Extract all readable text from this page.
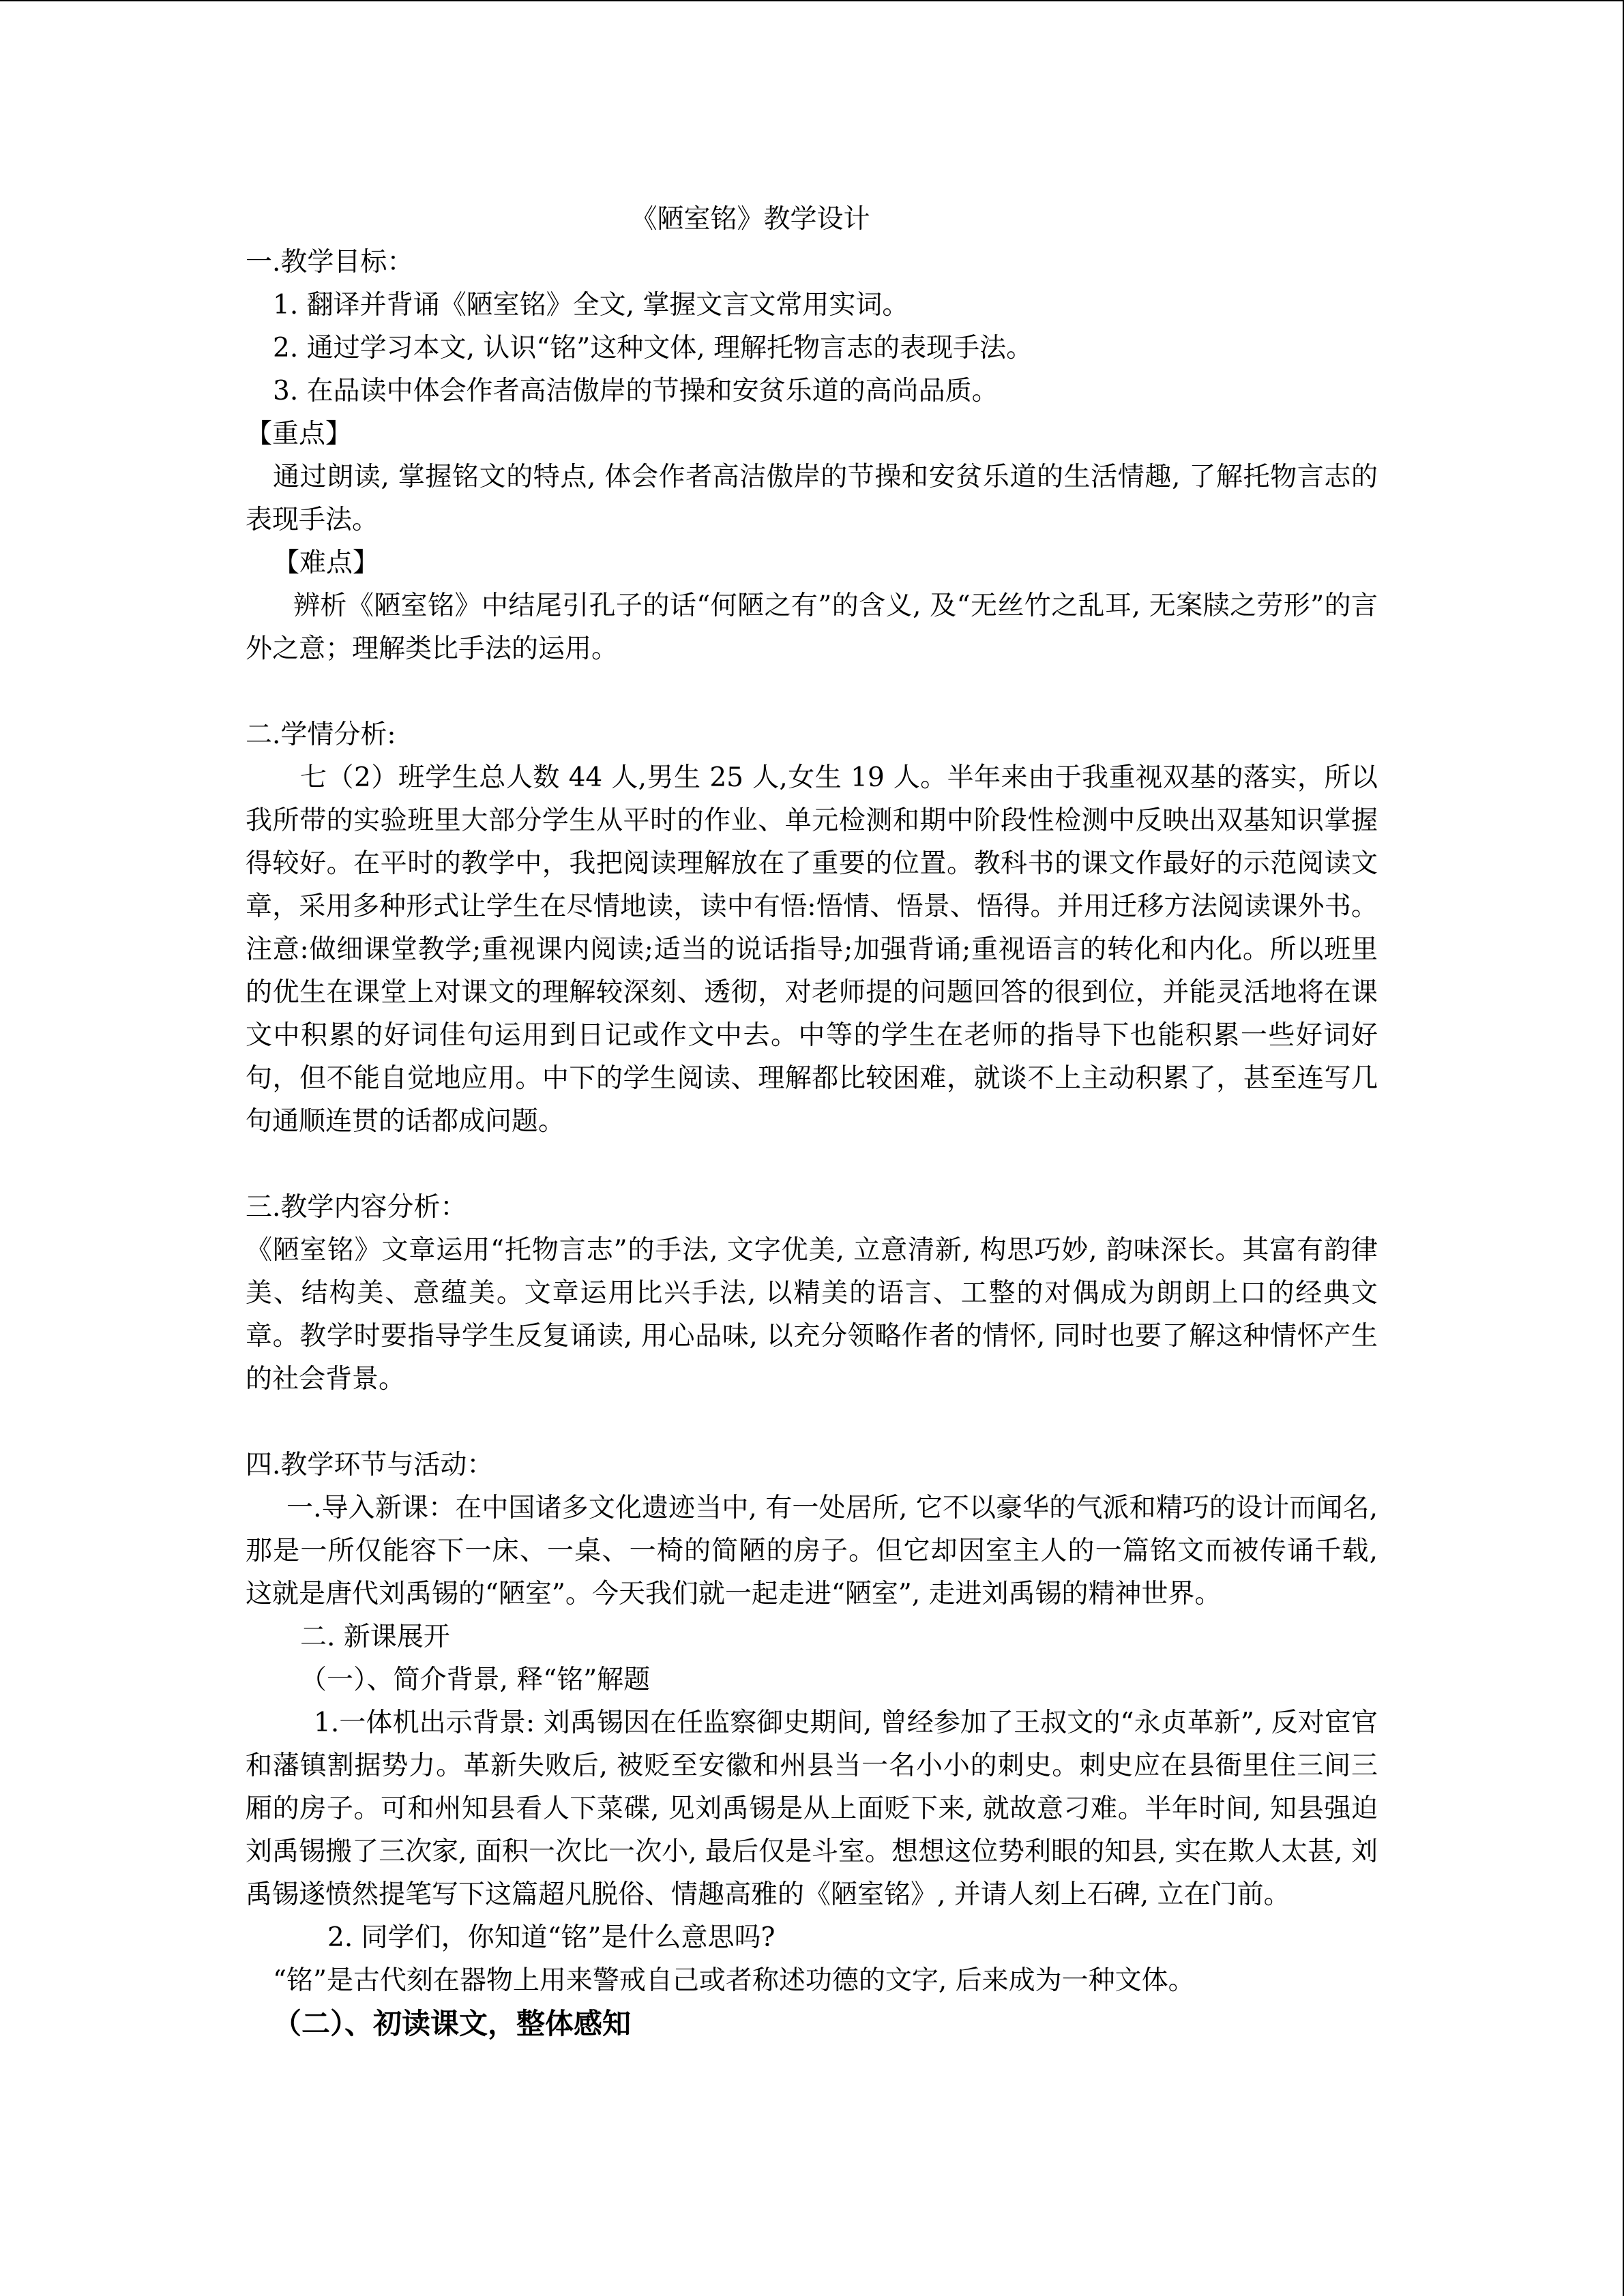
《陋室铭》教学设计

一.教学目标：

1. 翻译并背诵《陋室铭》全文, 掌握文言文常用实词。

2. 通过学习本文, 认识“铭”这种文体, 理解托物言志的表现手法。

3. 在品读中体会作者高洁傲岸的节操和安贫乐道的高尚品质。

【重点】

通过朗读, 掌握铭文的特点, 体会作者高洁傲岸的节操和安贫乐道的生活情趣, 了解托物言志的表现手法。

【难点】

辨析《陋室铭》中结尾引孔子的话“何陋之有”的含义, 及“无丝竹之乱耳, 无案牍之劳形”的言外之意；理解类比手法的运用。

二.学情分析:

七（2）班学生总人数 44 人,男生 25 人,女生 19 人。半年来由于我重视双基的落实，所以我所带的实验班里大部分学生从平时的作业、单元检测和期中阶段性检测中反映出双基知识掌握得较好。在平时的教学中，我把阅读理解放在了重要的位置。教科书的课文作最好的示范阅读文章，采用多种形式让学生在尽情地读，读中有悟:悟情、悟景、悟得。并用迁移方法阅读课外书。注意:做细课堂教学;重视课内阅读;适当的说话指导;加强背诵;重视语言的转化和内化。所以班里的优生在课堂上对课文的理解较深刻、透彻，对老师提的问题回答的很到位，并能灵活地将在课文中积累的好词佳句运用到日记或作文中去。中等的学生在老师的指导下也能积累一些好词好句，但不能自觉地应用。中下的学生阅读、理解都比较困难，就谈不上主动积累了，甚至连写几句通顺连贯的话都成问题。

三.教学内容分析：

《陋室铭》文章运用“托物言志”的手法, 文字优美, 立意清新, 构思巧妙, 韵味深长。其富有韵律美、结构美、意蕴美。文章运用比兴手法, 以精美的语言、工整的对偶成为朗朗上口的经典文章。教学时要指导学生反复诵读, 用心品味, 以充分领略作者的情怀, 同时也要了解这种情怀产生的社会背景。

四.教学环节与活动：

一.导入新课：在中国诸多文化遗迹当中, 有一处居所, 它不以豪华的气派和精巧的设计而闻名, 那是一所仅能容下一床、一桌、一椅的简陋的房子。但它却因室主人的一篇铭文而被传诵千载, 这就是唐代刘禹锡的“陋室”。今天我们就一起走进“陋室”, 走进刘禹锡的精神世界。

二. 新课展开

（一）、简介背景, 释“铭”解题

1.一体机出示背景: 刘禹锡因在任监察御史期间, 曾经参加了王叔文的“永贞革新”, 反对宦官和藩镇割据势力。革新失败后, 被贬至安徽和州县当一名小小的刺史。刺史应在县衙里住三间三厢的房子。可和州知县看人下菜碟, 见刘禹锡是从上面贬下来, 就故意刁难。半年时间, 知县强迫刘禹锡搬了三次家, 面积一次比一次小, 最后仅是斗室。想想这位势利眼的知县, 实在欺人太甚, 刘禹锡遂愤然提笔写下这篇超凡脱俗、情趣高雅的《陋室铭》, 并请人刻上石碑, 立在门前。

2. 同学们，你知道“铭”是什么意思吗?

“铭”是古代刻在器物上用来警戒自己或者称述功德的文字, 后来成为一种文体。

（二）、初读课文，整体感知
